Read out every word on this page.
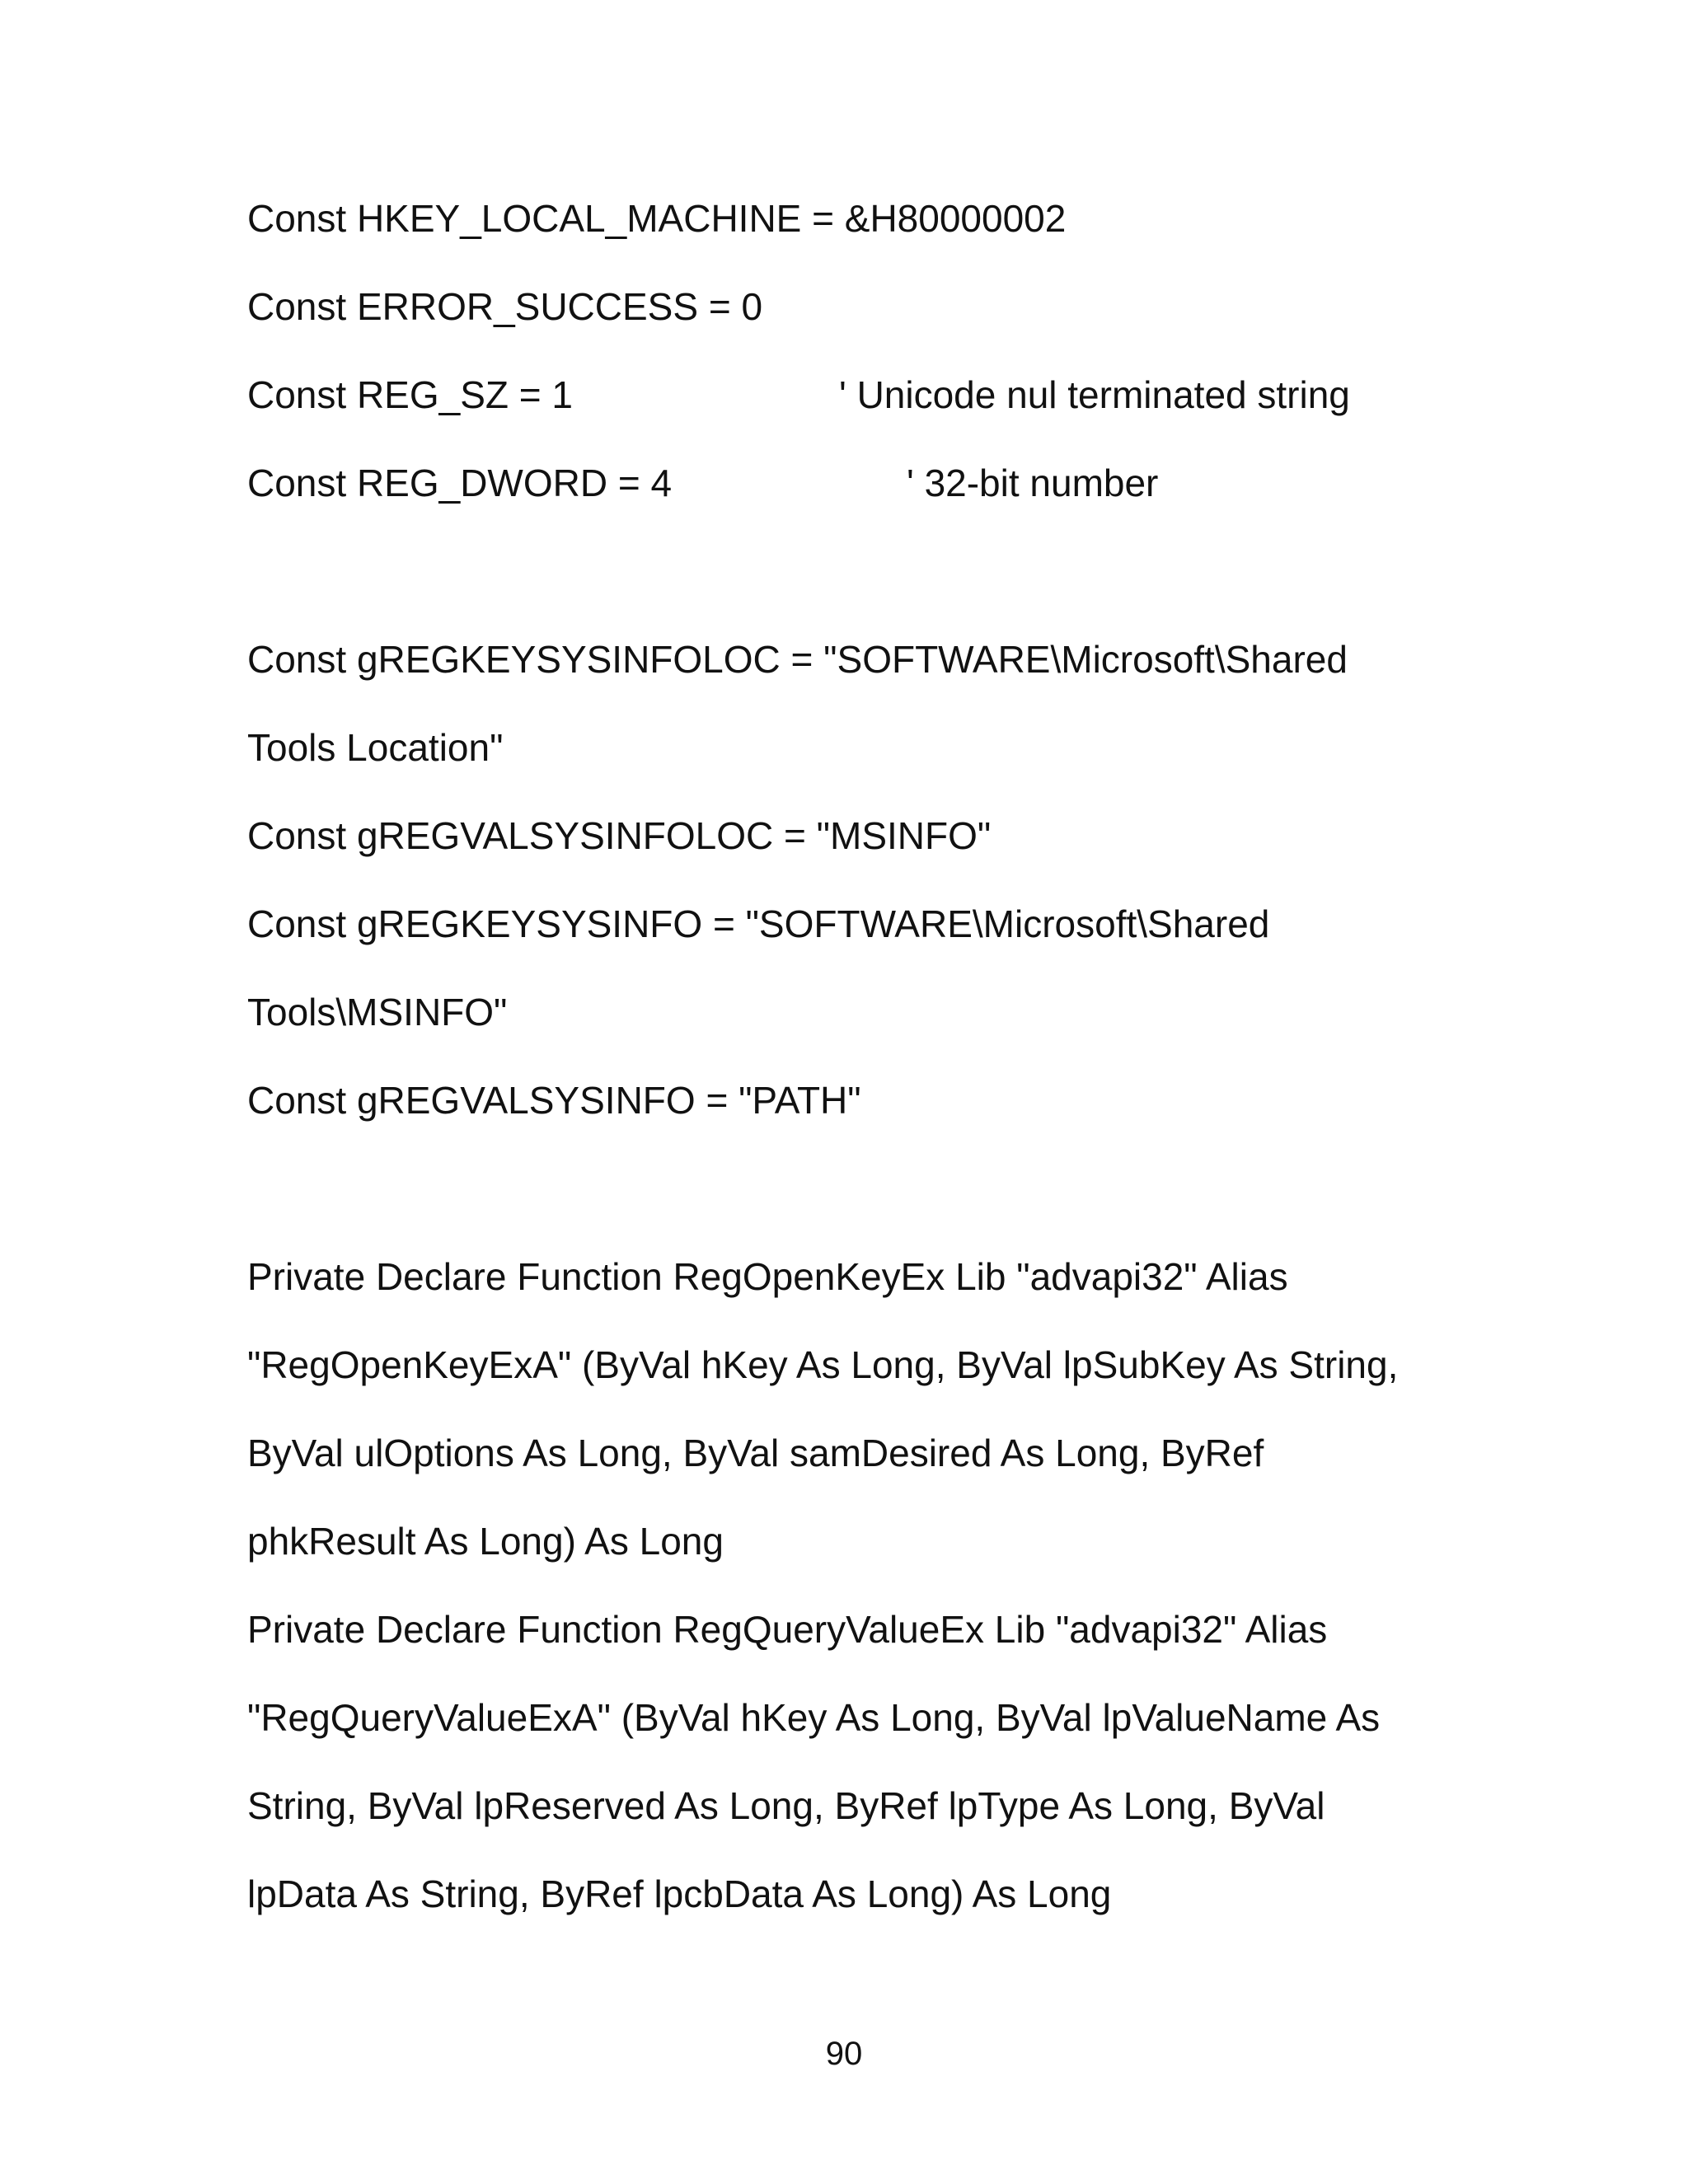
Const HKEY_LOCAL_MACHINE = &H80000002
Const ERROR_SUCCESS = 0
Const REG_SZ = 1	' Unicode nul terminated string
Const REG_DWORD = 4	' 32-bit number
Const gREGKEYSYSINFOLOC = "SOFTWARE\Microsoft\Shared
Tools Location"
Const gREGVALSYSINFOLOC = "MSINFO"
Const gREGKEYSYSINFO = "SOFTWARE\Microsoft\Shared
Tools\MSINFO"
Const gREGVALSYSINFO = "PATH"
Private Declare Function RegOpenKeyEx Lib "advapi32" Alias
"RegOpenKeyExA" (ByVal hKey As Long, ByVal lpSubKey As String,
ByVal ulOptions As Long, ByVal samDesired As Long, ByRef
phkResult As Long) As Long
Private Declare Function RegQueryValueEx Lib "advapi32" Alias
"RegQueryValueExA" (ByVal hKey As Long, ByVal lpValueName As
String, ByVal lpReserved As Long, ByRef lpType As Long, ByVal
lpData As String, ByRef lpcbData As Long) As Long
90
